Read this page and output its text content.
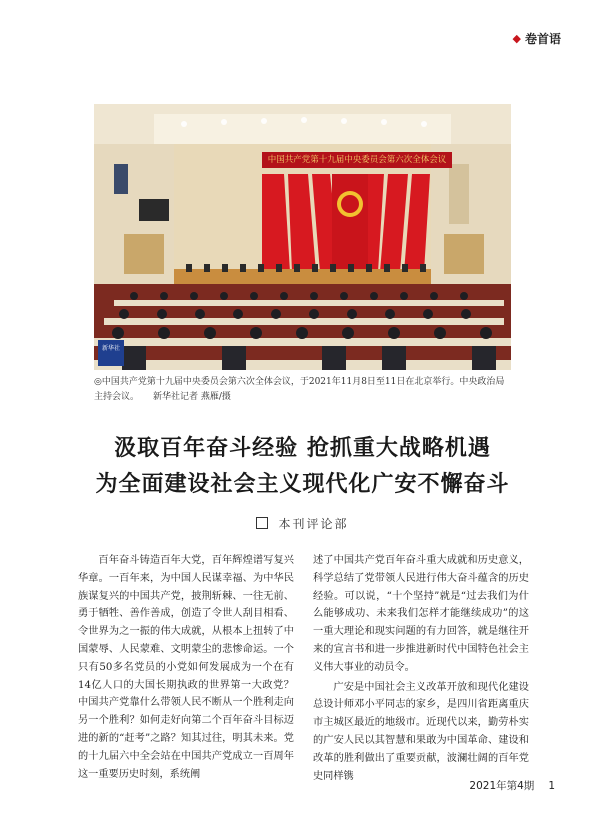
◆ 卷首语
中国共产党第十九届中央委员会第六次全体会议
新华社
◎中国共产党第十九届中央委员会第六次全体会议，于2021年11月8日至11日在北京举行。中央政治局主持会议。 新华社记者 燕雁/摄
汲取百年奋斗经验 抢抓重大战略机遇
为全面建设社会主义现代化广安不懈奋斗
本刊评论部

百年奋斗铸造百年大党，百年辉煌谱写复兴华章。一百年来，为中国人民谋幸福、为中华民族谋复兴的中国共产党，披荆斩棘、一往无前、勇于牺牲、善作善成，创造了令世人刮目相看、令世界为之一振的伟大成就，从根本上扭转了中国蒙辱、人民蒙难、文明蒙尘的悲惨命运。一个只有50多名党员的小党如何发展成为一个在有14亿人口的大国长期执政的世界第一大政党？中国共产党靠什么带领人民不断从一个胜利走向另一个胜利？如何走好向第二个百年奋斗目标迈进的新的“赶考”之路？知其过往，明其未来。党的十九届六中全会站在中国共产党成立一百周年这一重要历史时刻，系统阐

述了中国共产党百年奋斗重大成就和历史意义，科学总结了党带领人民进行伟大奋斗蕴含的历史经验。可以说，“十个坚持”就是“过去我们为什么能够成功、未来我们怎样才能继续成功”的这一重大理论和现实问题的有力回答，就是继往开来的宣言书和进一步推进新时代中国特色社会主义伟大事业的动员令。

广安是中国社会主义改革开放和现代化建设总设计师邓小平同志的家乡，是四川省距离重庆市主城区最近的地级市。近现代以来，勤劳朴实的广安人民以其智慧和果敢为中国革命、建设和改革的胜利做出了重要贡献，波澜壮阔的百年党史同样镌

2021年第4期 1
